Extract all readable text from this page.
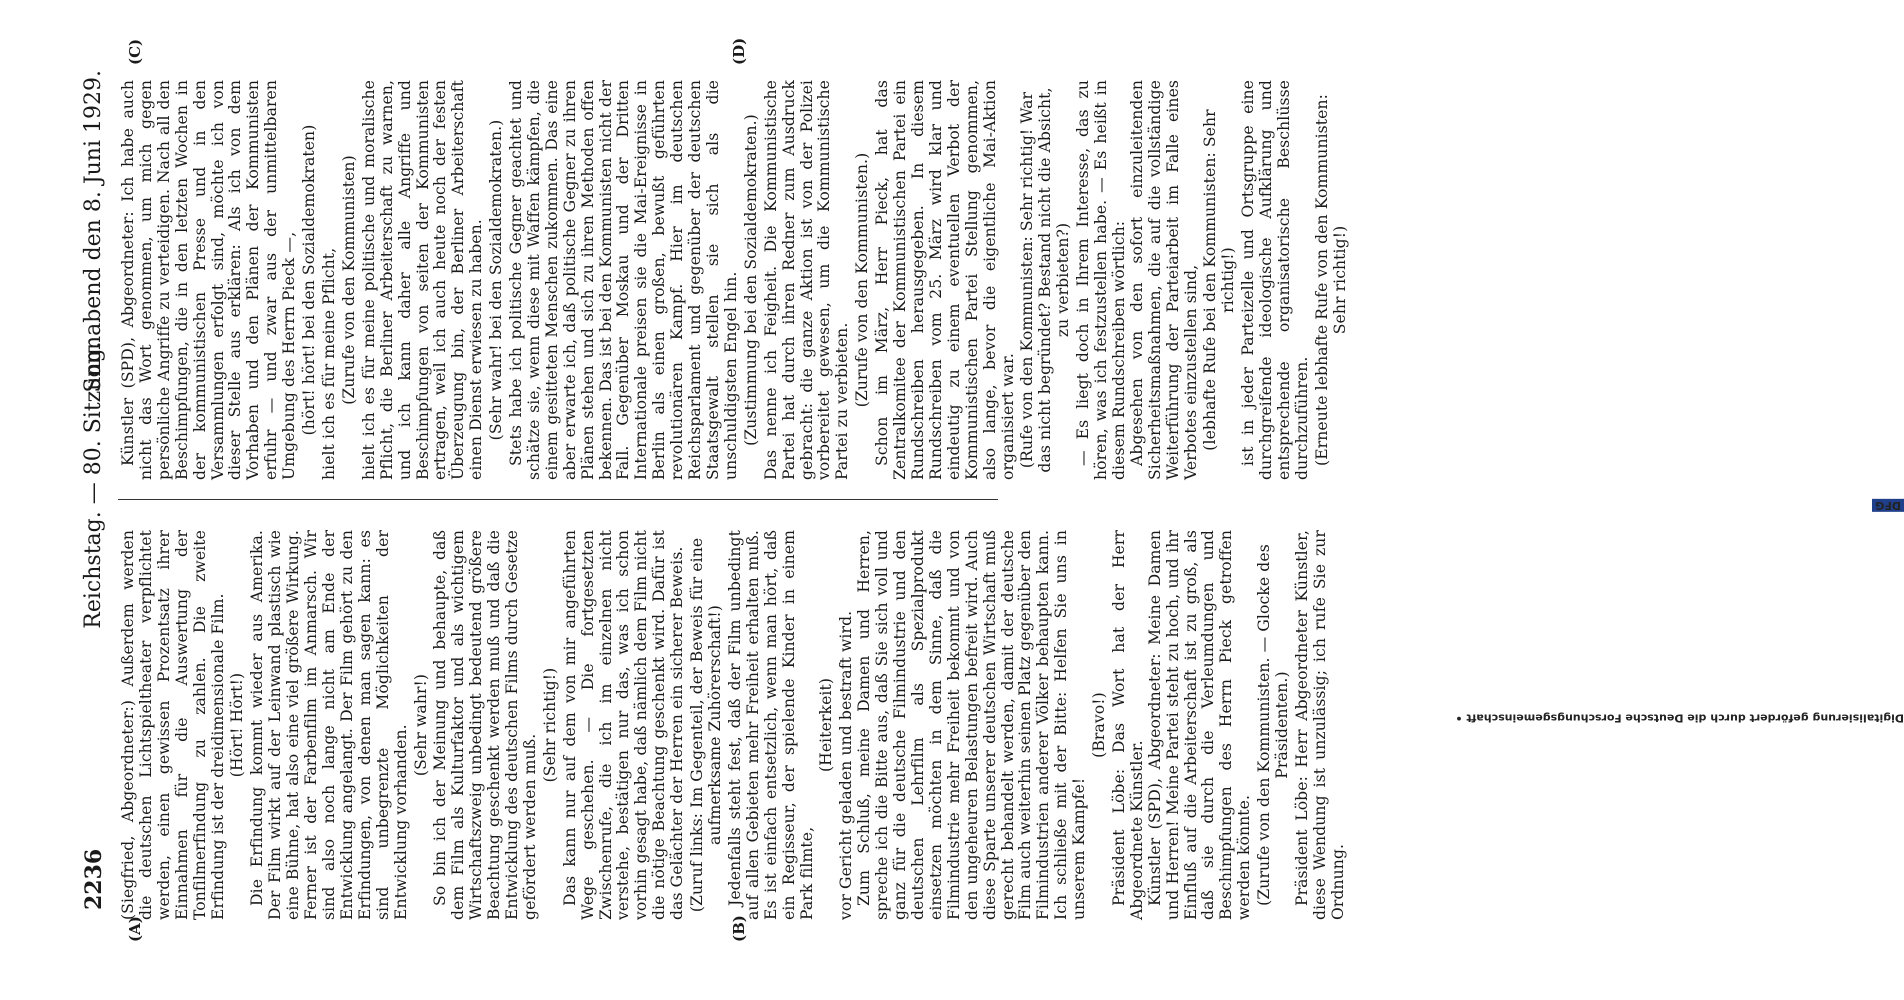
2236
Reichstag. — 80. Sitzung.
Sonnabend den 8. Juni 1929.
(A)	(B)
(C)	(D)

(Siegfried, Abgeordneter:) Außerdem werden die deutschen Lichtspieltheater verpflichtet werden, einen gewissen Prozentsatz ihrer Einnahmen für die Auswertung der Tonfilmerfindung zu zahlen. Die zweite Erfindung ist der dreidimensionale Film. (Hört! Hört!) Die Erfindung kommt wieder aus Amerika. Der Film wirkt auf der Leinwand plastisch wie eine Bühne, hat also eine viel größere Wirkung. Ferner ist der Farbenfilm im Anmarsch. Wir sind also noch lange nicht am Ende der Entwicklung angelangt. Der Film gehört zu den Erfindungen, von denen man sagen kann: es sind unbegrenzte Möglichkeiten der Entwicklung vorhanden. (Sehr wahr!) So bin ich der Meinung und behaupte, daß dem Film als Kulturfaktor und als wichtigem Wirtschaftszweig unbedingt bedeutend größere Beachtung geschenkt werden muß und daß die Entwicklung des deutschen Films durch Gesetze gefördert werden muß.

(Sehr richtig!) Das kann nur auf dem von mir angeführten Wege geschehen. — Die fortgesetzten Zwischenrufe, die ich im einzelnen nicht verstehe, bestätigen nur das, was ich schon vorhin gesagt habe, daß nämlich dem Film nicht die nötige Beachtung geschenkt wird. Dafür ist das Gelächter der Herren ein sicherer Beweis. (Zuruf links: Im Gegenteil, der Beweis für eine aufmerksame Zuhörerschaft!) Jedenfalls steht fest, daß der Film unbedingt auf allen Gebieten mehr Freiheit erhalten muß. Es ist einfach entsetzlich, wenn man hört, daß ein Regisseur, der spielende Kinder in einem Park filmte,

(Heiterkeit) vor Gericht geladen und bestraft wird. Zum Schluß, meine Damen und Herren, spreche ich die Bitte aus, daß Sie sich voll und ganz für die deutsche Filmindustrie und den deutschen Lehrfilm als Spezialprodukt einsetzen möchten in dem Sinne, daß die Filmindustrie mehr Freiheit bekommt und von den ungeheuren Belastungen befreit wird. Auch diese Sparte unserer deutschen Wirtschaft muß gerecht behandelt werden, damit der deutsche Film auch weiterhin seinen Platz gegenüber den Filmindustrien anderer Völker behaupten kann. Ich schließe mit der Bitte: Helfen Sie uns in unserem Kampfe!

(Bravo!) Präsident Löbe: Das Wort hat der Herr Abgeordnete Künstler. Künstler (SPD), Abgeordneter: Meine Damen und Herren! Meine Partei steht zu hoch, und ihr Einfluß auf die Arbeiterschaft ist zu groß, als daß sie durch die Verleumdungen und Beschimpfungen des Herrn Pieck getroffen werden könnte. (Zurufe von den Kommunisten. — Glocke des Präsidenten.) Präsident Löbe: Herr Abgeordneter Künstler, diese Wendung ist unzulässig; ich rufe Sie zur Ordnung.

Künstler (SPD), Abgeordneter: Ich habe auch nicht das Wort genommen, um mich gegen persönliche Angriffe zu verteidigen. Nach all den Beschimpfungen, die in den letzten Wochen in der kommunistischen Presse und in den Versammlungen erfolgt sind, möchte ich von dieser Stelle aus erklären: Als ich von dem Vorhaben und den Plänen der Kommunisten erfuhr — und zwar aus der unmittelbaren Umgebung des Herrn Pieck —, (hört! hört! bei den Sozialdemokraten) hielt ich es für meine Pflicht, (Zurufe von den Kommunisten) hielt ich es für meine politische und moralische Pflicht, die Berliner Arbeiterschaft zu warnen, und ich kann daher alle Angriffe und Beschimpfungen von seiten der Kommunisten ertragen, weil ich auch heute noch der festen Überzeugung bin, der Berliner Arbeiterschaft einen Dienst erwiesen zu haben. (Sehr wahr! bei den Sozialdemokraten.) Stets habe ich politische Gegner geachtet und schätze sie, wenn diese mit Waffen kämpfen, die einem gesitteten Menschen zukommen. Das eine aber erwarte ich, daß politische Gegner zu ihren Plänen stehen und sich zu ihren Methoden offen bekennen. Das ist bei den Kommunisten nicht der Fall. Gegenüber Moskau und der Dritten Internationale preisen sie die Mai-Ereignisse in Berlin als einen großen, bewußt geführten revolutionären Kampf. Hier im deutschen Reichsparlament und gegenüber der deutschen Staatsgewalt stellen sie sich als die unschuldigsten Engel hin. (Zustimmung bei den Sozialdemokraten.) Das nenne ich Feigheit. Die Kommunistische Partei hat durch ihren Redner zum Ausdruck gebracht: die ganze Aktion ist von der Polizei vorbereitet gewesen, um die Kommunistische Partei zu verbieten. (Zurufe von den Kommunisten.) Schon im März, Herr Pieck, hat das Zentralkomitee der Kommunistischen Partei ein Rundschreiben herausgegeben. In diesem Rundschreiben vom 25. März wird klar und eindeutig zu einem eventuellen Verbot der Kommunistischen Partei Stellung genommen, also lange, bevor die eigentliche Mai-Aktion organisiert war. (Rufe von den Kommunisten: Sehr richtig! War das nicht begründet? Bestand nicht die Absicht, zu verbieten?) — Es liegt doch in Ihrem Interesse, das zu hören, was ich festzustellen habe. — Es heißt in diesem Rundschreiben wörtlich: Abgesehen von den sofort einzuleitenden Sicherheitsmaßnahmen, die auf die vollständige Weiterführung der Parteiarbeit im Falle eines Verbotes einzustellen sind, (lebhafte Rufe bei den Kommunisten: Sehr richtig!) ist in jeder Parteizelle und Ortsgruppe eine durchgreifende ideologische Aufklärung und entsprechende organisatorische Beschlüsse durchzuführen. (Erneute lebhafte Rufe von den Kommunisten: Sehr richtig!)

Digitalisierung gefördert durch die Deutsche Forschungsgemeinschaft •
DFG
